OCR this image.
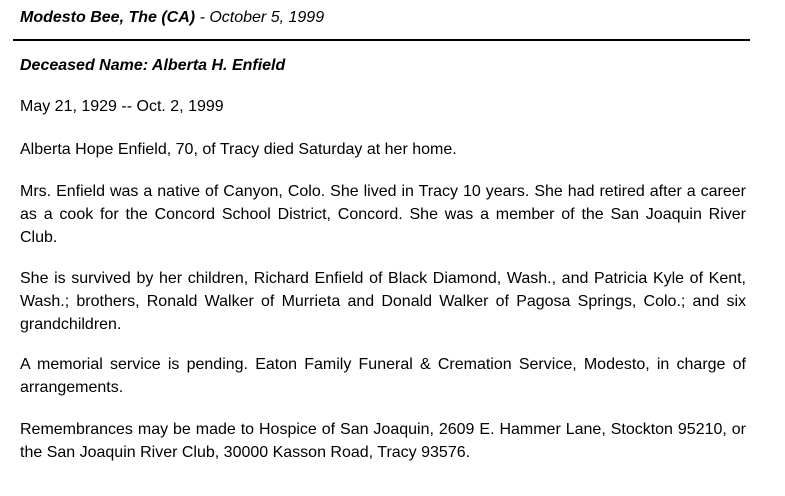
Modesto Bee, The (CA) - October 5, 1999
Deceased Name: Alberta H. Enfield

May 21, 1929 -- Oct. 2, 1999

Alberta Hope Enfield, 70, of Tracy died Saturday at her home.

Mrs. Enfield was a native of Canyon, Colo. She lived in Tracy 10 years. She had retired after a career as a cook for the Concord School District, Concord. She was a member of the San Joaquin River Club.

She is survived by her children, Richard Enfield of Black Diamond, Wash., and Patricia Kyle of Kent, Wash.; brothers, Ronald Walker of Murrieta and Donald Walker of Pagosa Springs, Colo.; and six grandchildren.

A memorial service is pending. Eaton Family Funeral & Cremation Service, Modesto, in charge of arrangements.

Remembrances may be made to Hospice of San Joaquin, 2609 E. Hammer Lane, Stockton 95210, or the San Joaquin River Club, 30000 Kasson Road, Tracy 93576.
